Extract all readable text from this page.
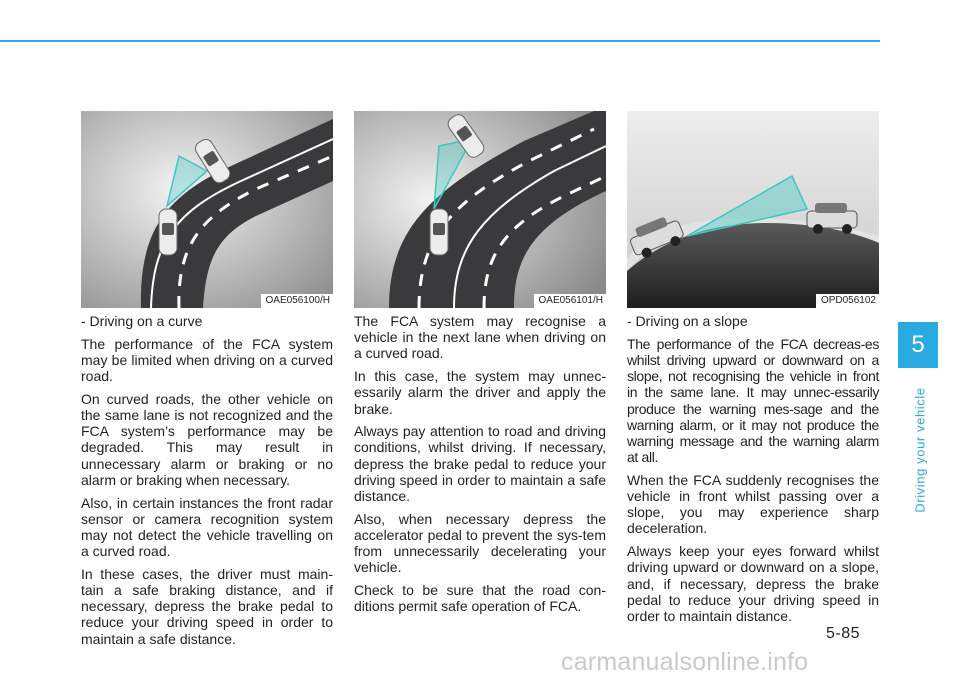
OAE056100/H	OAE056101/H	OPD056102

- Driving on a curve

The performance of the FCA system may be limited when driving on a curved road.

On curved roads, the other vehicle on the same lane is not recognized and the FCA system’s performance may be degraded. This may result in unnecessary alarm or braking or no alarm or braking when necessary.

Also, in certain instances the front radar sensor or camera recognition system may not detect the vehicle travelling on a curved road.

In these cases, the driver must main-tain a safe braking distance, and if necessary, depress the brake pedal to reduce your driving speed in order to maintain a safe distance.

The FCA system may recognise a vehicle in the next lane when driving on a curved road.

In this case, the system may unnec-essarily alarm the driver and apply the brake.

Always pay attention to road and driving conditions, whilst driving. If necessary, depress the brake pedal to reduce your driving speed in order to maintain a safe distance.

Also, when necessary depress the accelerator pedal to prevent the sys-tem from unnecessarily decelerating your vehicle.

Check to be sure that the road con-ditions permit safe operation of FCA.

- Driving on a slope

The performance of the FCA decreas-es whilst driving upward or downward on a slope, not recognising the vehicle in front in the same lane. It may unnec-essarily produce the warning mes-sage and the warning alarm, or it may not produce the warning message and the warning alarm at all.

When the FCA suddenly recognises the vehicle in front whilst passing over a slope, you may experience sharp deceleration.

Always keep your eyes forward whilst driving upward or downward on a slope, and, if necessary, depress the brake pedal to reduce your driving speed in order to maintain distance.

5
Driving your vehicle
5-85
carmanualsonline.info
